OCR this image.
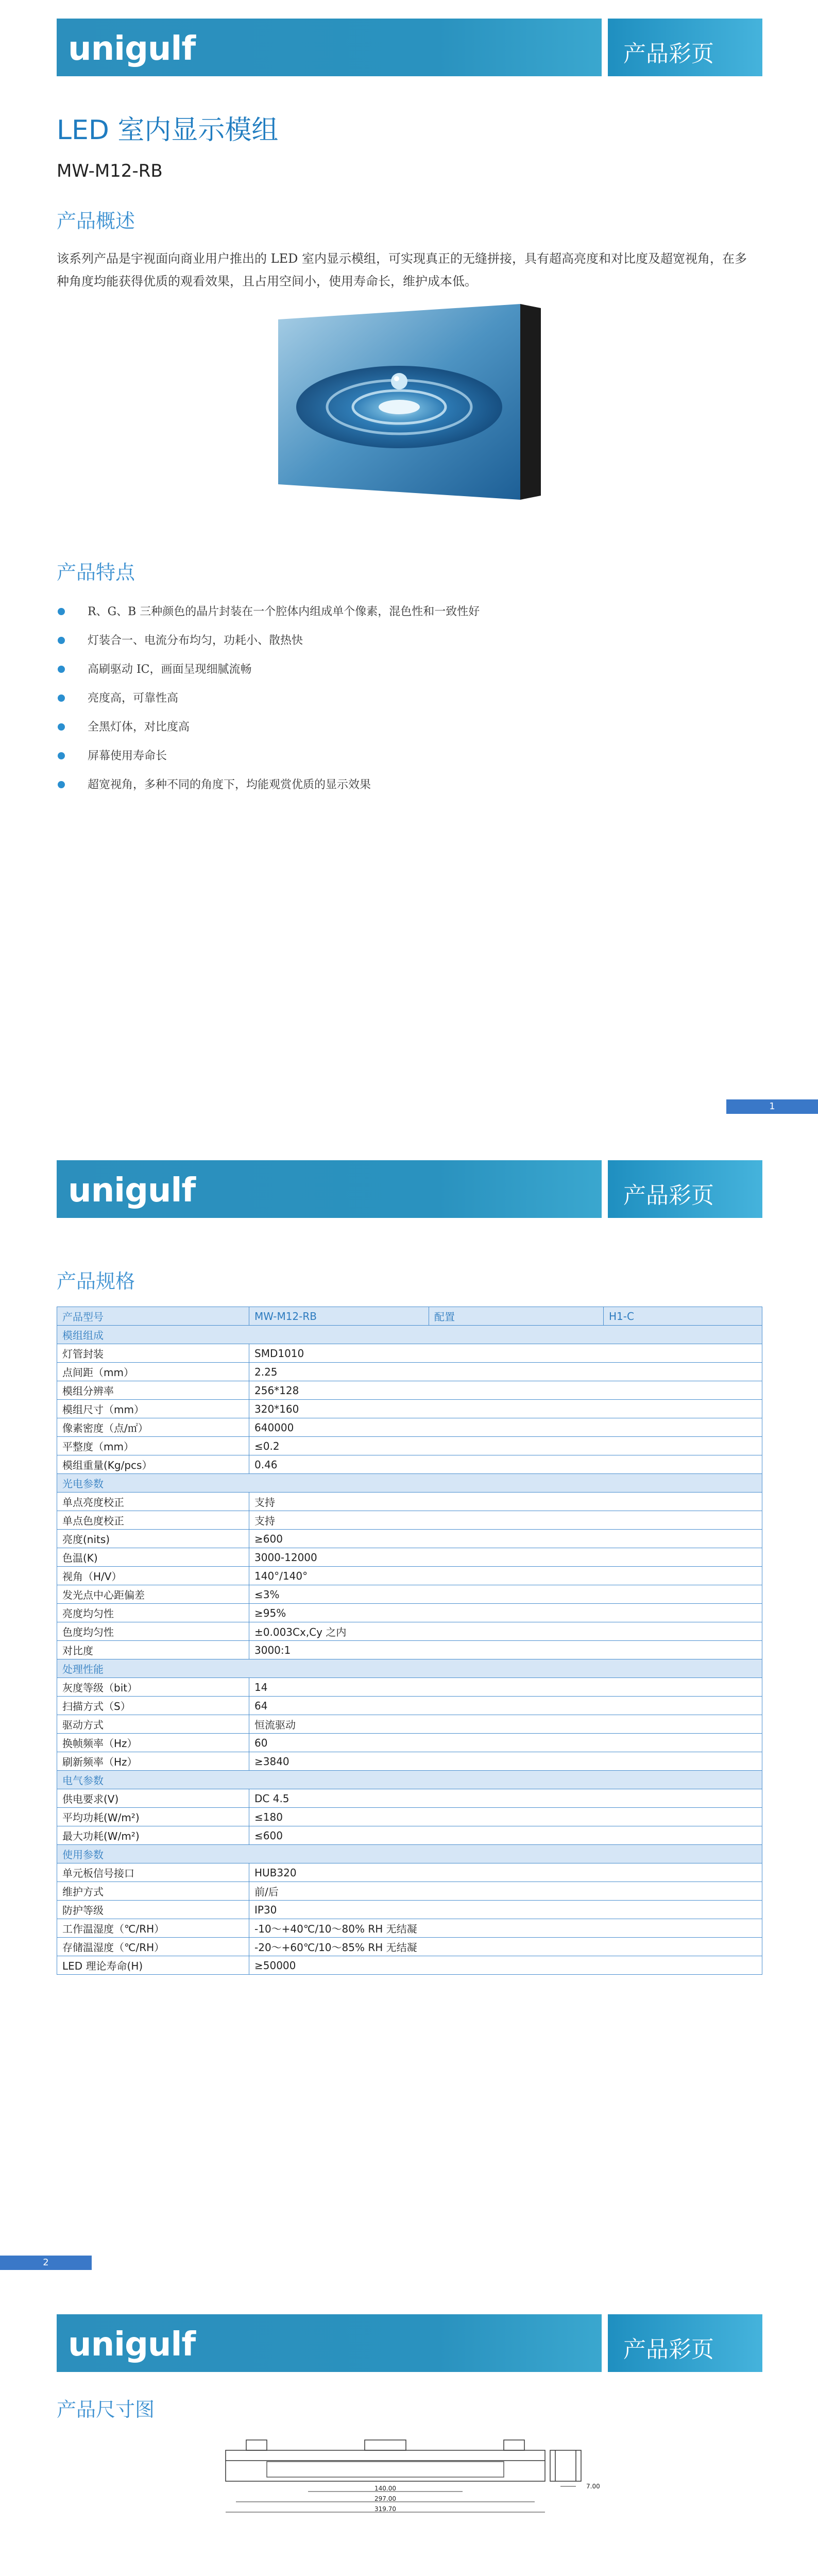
unigulf	产品彩页
LED 室内显示模组
MW-M12-RB
产品概述
该系列产品是宇视面向商业用户推出的 LED 室内显示模组，可实现真正的无缝拼接，具有超高亮度和对比度及超宽视角，在多种角度均能获得优质的观看效果，且占用空间小，使用寿命长，维护成本低。
产品特点
R、G、B 三种颜色的晶片封装在一个腔体内组成单个像素，混色性和一致性好
灯装合一、电流分布均匀，功耗小、散热快
高刷驱动 IC，画面呈现细腻流畅
亮度高，可靠性高
全黑灯体，对比度高
屏幕使用寿命长
超宽视角，多种不同的角度下，均能观赏优质的显示效果
1
unigulf	产品彩页
产品规格
产品型号	MW-M12-RB	配置	H1-C
模组组成			
灯管封装	SMD1010		
点间距（mm）	2.25		
模组分辨率	256*128		
模组尺寸（mm）	320*160		
像素密度（点/㎡）	640000		
平整度（mm）	≤0.2		
模组重量(Kg/pcs）	0.46		
光电参数			
单点亮度校正	支持		
单点色度校正	支持		
亮度(nits)	≥600		
色温(K)	3000-12000		
视角（H/V）	140°/140°		
发光点中心距偏差	≤3%		
亮度均匀性	≥95%		
色度均匀性	±0.003Cx,Cy 之内		
对比度	3000:1		
处理性能			
灰度等级（bit）	14		
扫描方式（S）	64		
驱动方式	恒流驱动		
换帧频率（Hz）	60		
刷新频率（Hz）	≥3840		
电气参数			
供电要求(V)	DC 4.5		
平均功耗(W/m²)	≤180		
最大功耗(W/m²)	≤600		
使用参数			
单元板信号接口	HUB320		
维护方式	前/后		
防护等级	IP30		
工作温湿度（℃/RH）	-10～+40℃/10～80% RH 无结凝		
存储温湿度（℃/RH）	-20～+60℃/10～85% RH 无结凝		
LED 理论寿命(H)	≥50000		
2
unigulf	产品彩页
产品尺寸图
140.00
297.00
319.70
7.00
